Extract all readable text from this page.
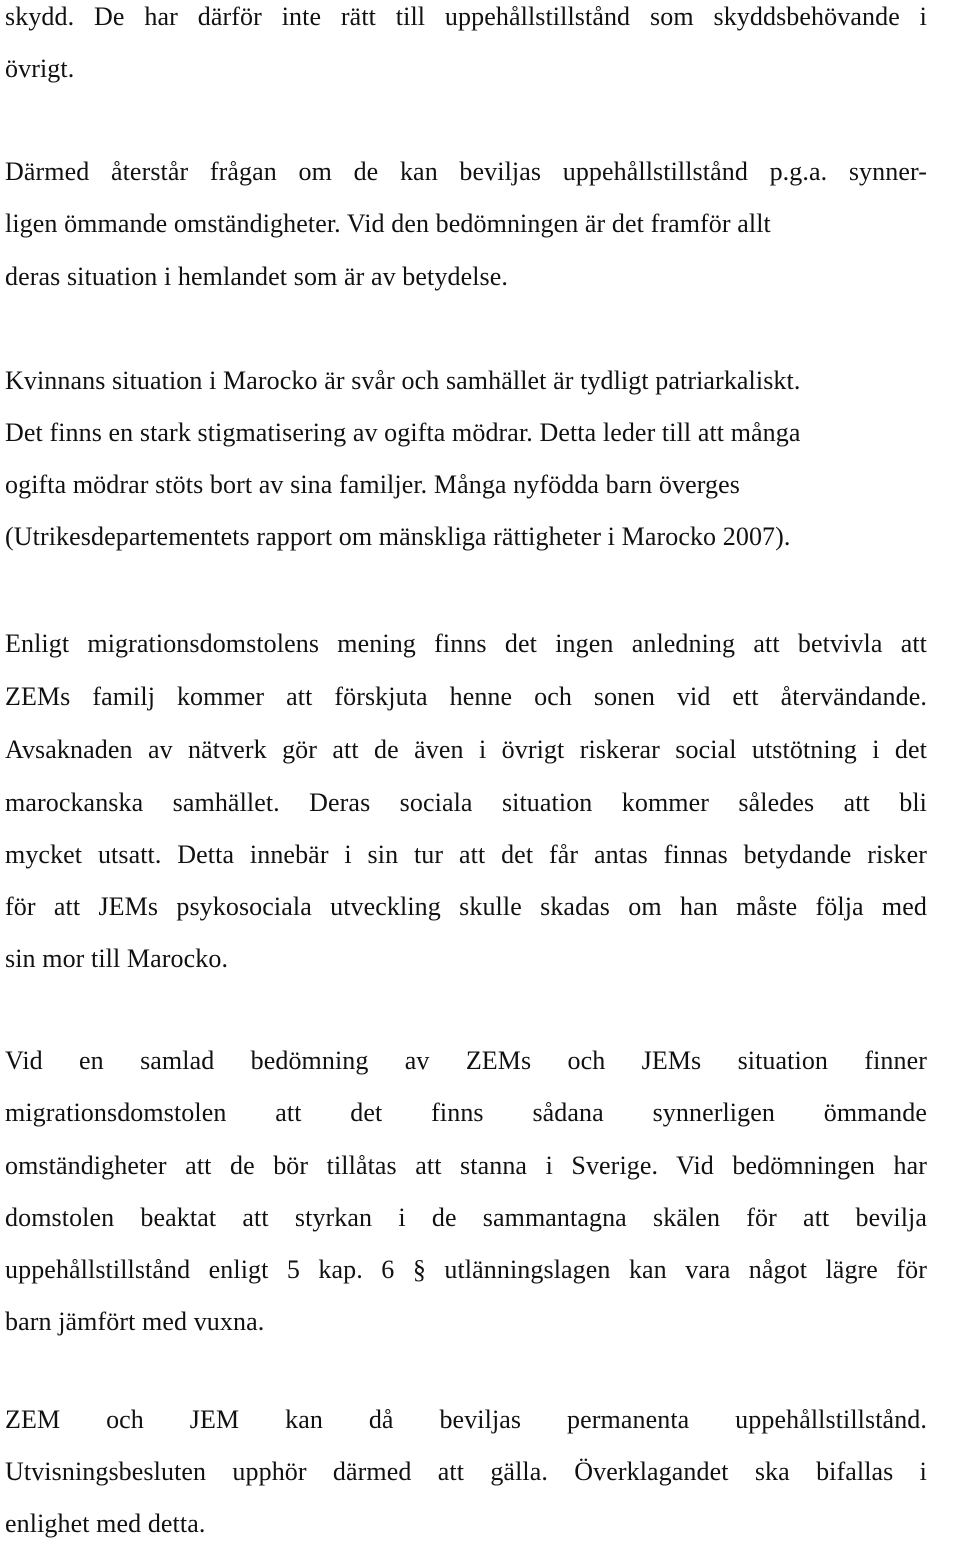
skydd. De har därför inte rätt till uppehållstillstånd som skyddsbehövande i
övrigt.
Därmed återstår frågan om de kan beviljas uppehållstillstånd p.g.a. synner-
ligen ömmande omständigheter. Vid den bedömningen är det framför allt
deras situation i hemlandet som är av betydelse.
Kvinnans situation i Marocko är svår och samhället är tydligt patriarkaliskt.
Det finns en stark stigmatisering av ogifta mödrar. Detta leder till att många
ogifta mödrar stöts bort av sina familjer. Många nyfödda barn överges
(Utrikesdepartementets rapport om mänskliga rättigheter i Marocko 2007).
Enligt migrationsdomstolens mening finns det ingen anledning att betvivla att
ZEMs familj kommer att förskjuta henne och sonen vid ett återvändande.
Avsaknaden av nätverk gör att de även i övrigt riskerar social utstötning i det
marockanska samhället. Deras sociala situation kommer således att bli
mycket utsatt. Detta innebär i sin tur att det får antas finnas betydande risker
för att JEMs psykosociala utveckling skulle skadas om han måste följa med
sin mor till Marocko.
Vid en samlad bedömning av ZEMs och JEMs situation finner
migrationsdomstolen att det finns sådana synnerligen ömmande
omständigheter att de bör tillåtas att stanna i Sverige. Vid bedömningen har
domstolen beaktat att styrkan i de sammantagna skälen för att bevilja
uppehållstillstånd enligt 5 kap. 6 § utlänningslagen kan vara något lägre för
barn jämfört med vuxna.
ZEM och JEM kan då beviljas permanenta uppehållstillstånd.
Utvisningsbesluten upphör därmed att gälla. Överklagandet ska bifallas i
enlighet med detta.
